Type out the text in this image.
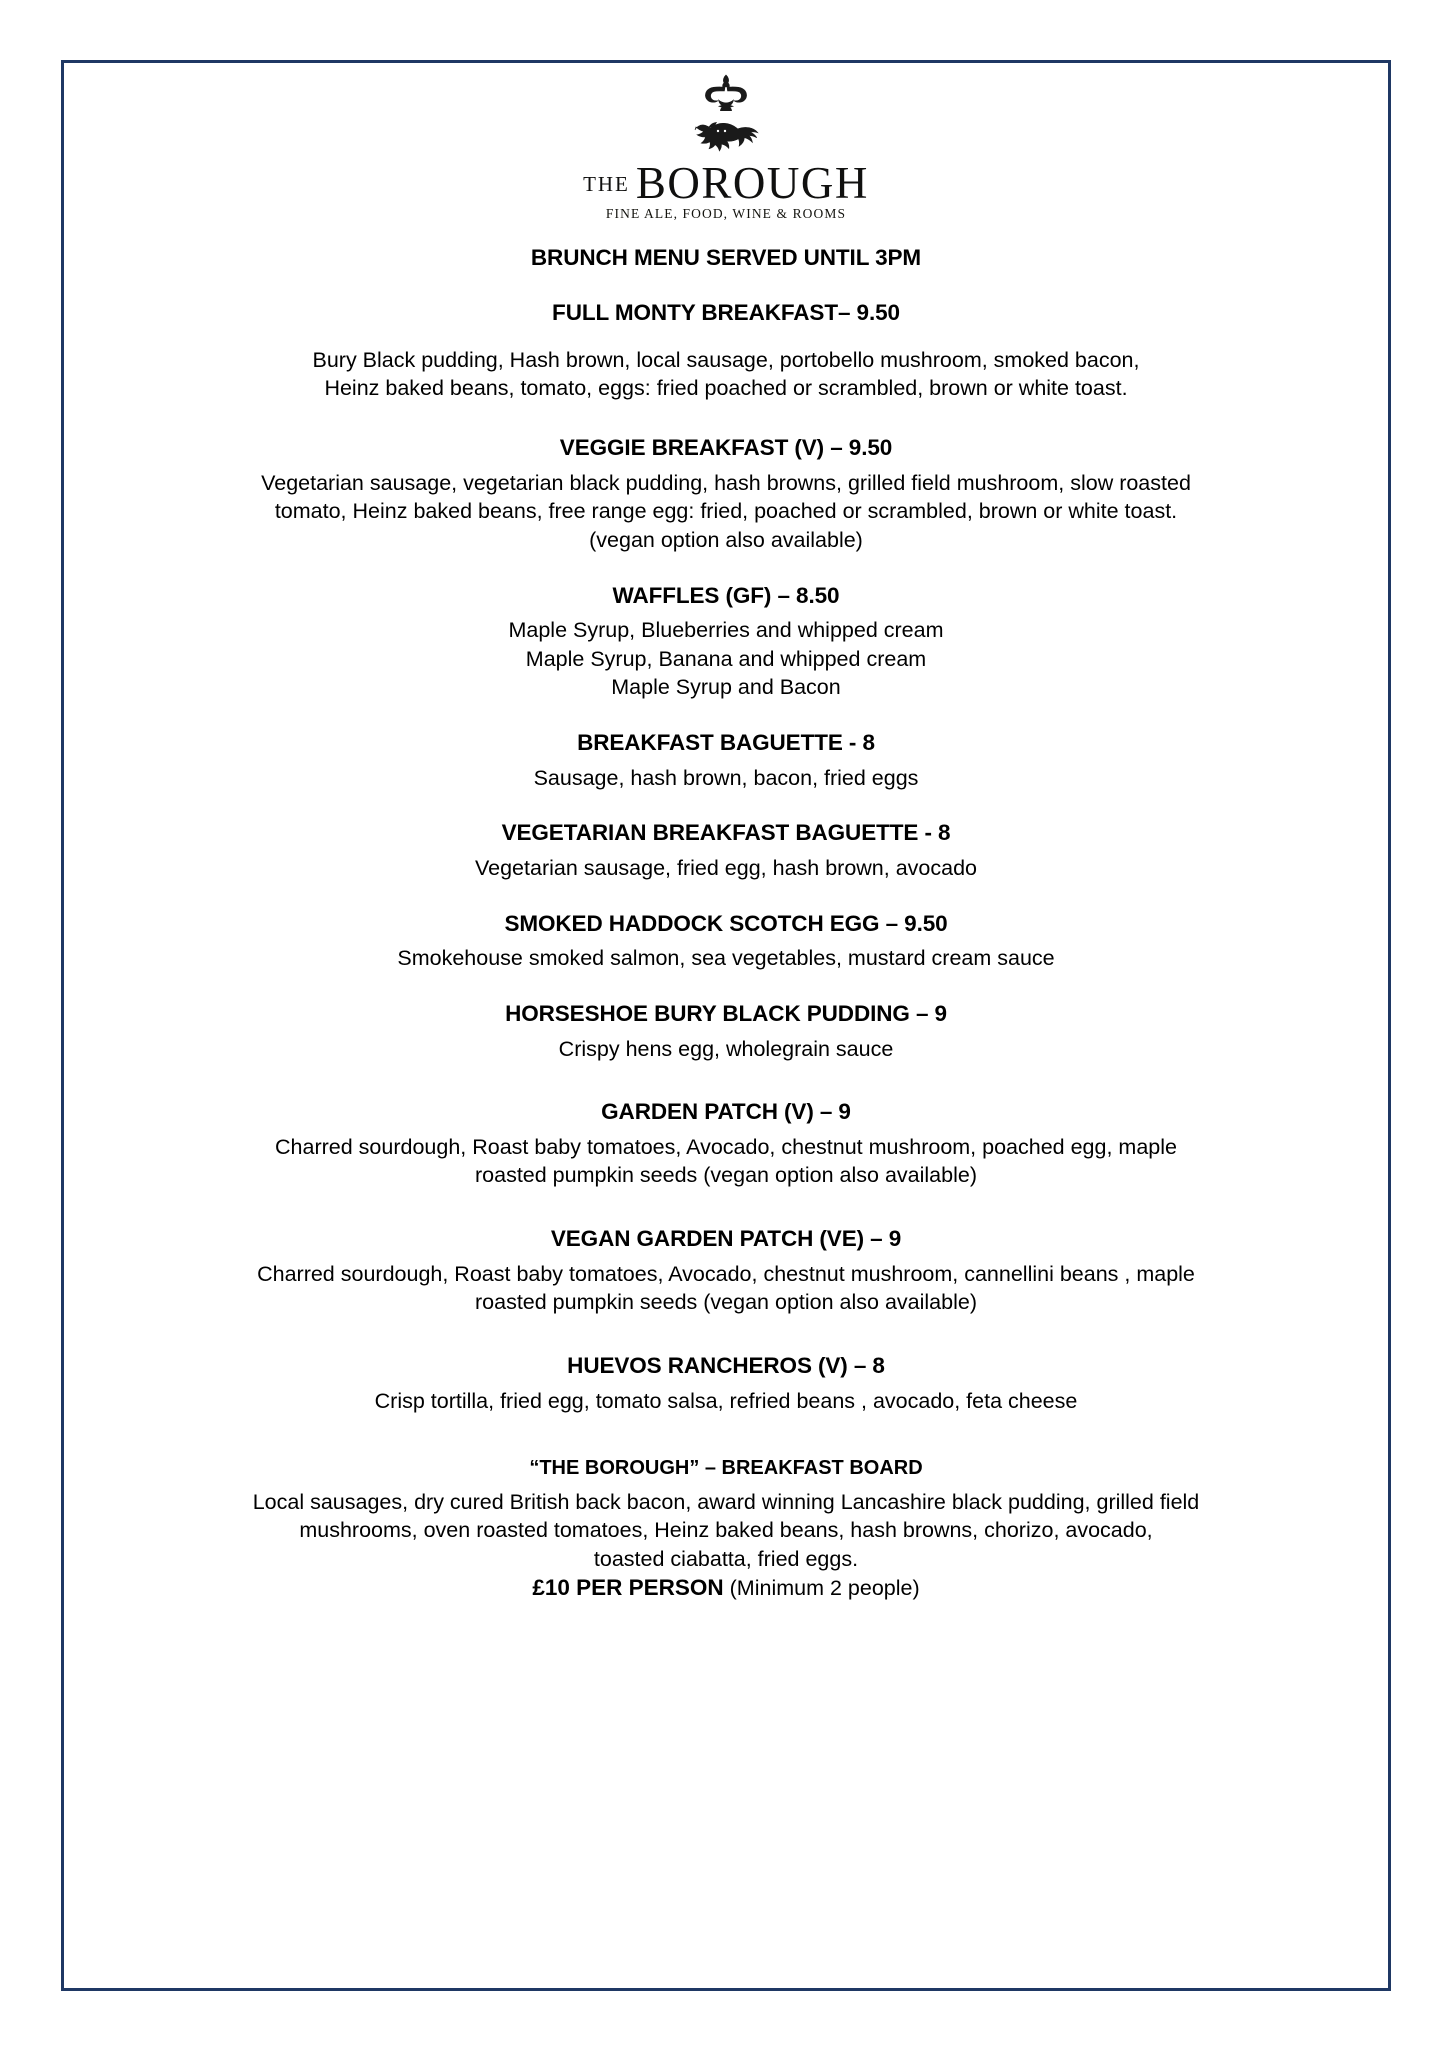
THE BOROUGH
FINE ALE, FOOD, WINE & ROOMS
BRUNCH MENU SERVED UNTIL 3PM
FULL MONTY BREAKFAST– 9.50
Bury Black pudding, Hash brown, local sausage, portobello mushroom, smoked bacon,
Heinz baked beans, tomato, eggs: fried poached or scrambled, brown or white toast.
VEGGIE BREAKFAST (V) – 9.50
Vegetarian sausage, vegetarian black pudding, hash browns, grilled field mushroom, slow roasted
tomato, Heinz baked beans, free range egg: fried, poached or scrambled, brown or white toast.
(vegan option also available)
WAFFLES (GF) – 8.50
Maple Syrup, Blueberries and whipped cream
Maple Syrup, Banana and whipped cream
Maple Syrup and Bacon
BREAKFAST BAGUETTE - 8
Sausage, hash brown, bacon, fried eggs
VEGETARIAN BREAKFAST BAGUETTE - 8
Vegetarian sausage, fried egg, hash brown, avocado
SMOKED HADDOCK SCOTCH EGG – 9.50
Smokehouse smoked salmon, sea vegetables, mustard cream sauce
HORSESHOE BURY BLACK PUDDING – 9
Crispy hens egg, wholegrain sauce
GARDEN PATCH (V) – 9
Charred sourdough, Roast baby tomatoes, Avocado, chestnut mushroom, poached egg, maple
roasted pumpkin seeds (vegan option also available)
VEGAN GARDEN PATCH (VE) – 9
Charred sourdough, Roast baby tomatoes, Avocado, chestnut mushroom, cannellini beans , maple
roasted pumpkin seeds (vegan option also available)
HUEVOS RANCHEROS (V) – 8
Crisp tortilla, fried egg, tomato salsa, refried beans , avocado, feta cheese
“THE BOROUGH” – BREAKFAST BOARD
Local sausages, dry cured British back bacon, award winning Lancashire black pudding, grilled field
mushrooms, oven roasted tomatoes, Heinz baked beans, hash browns, chorizo, avocado,
toasted ciabatta, fried eggs.
£10 PER PERSON (Minimum 2 people)
